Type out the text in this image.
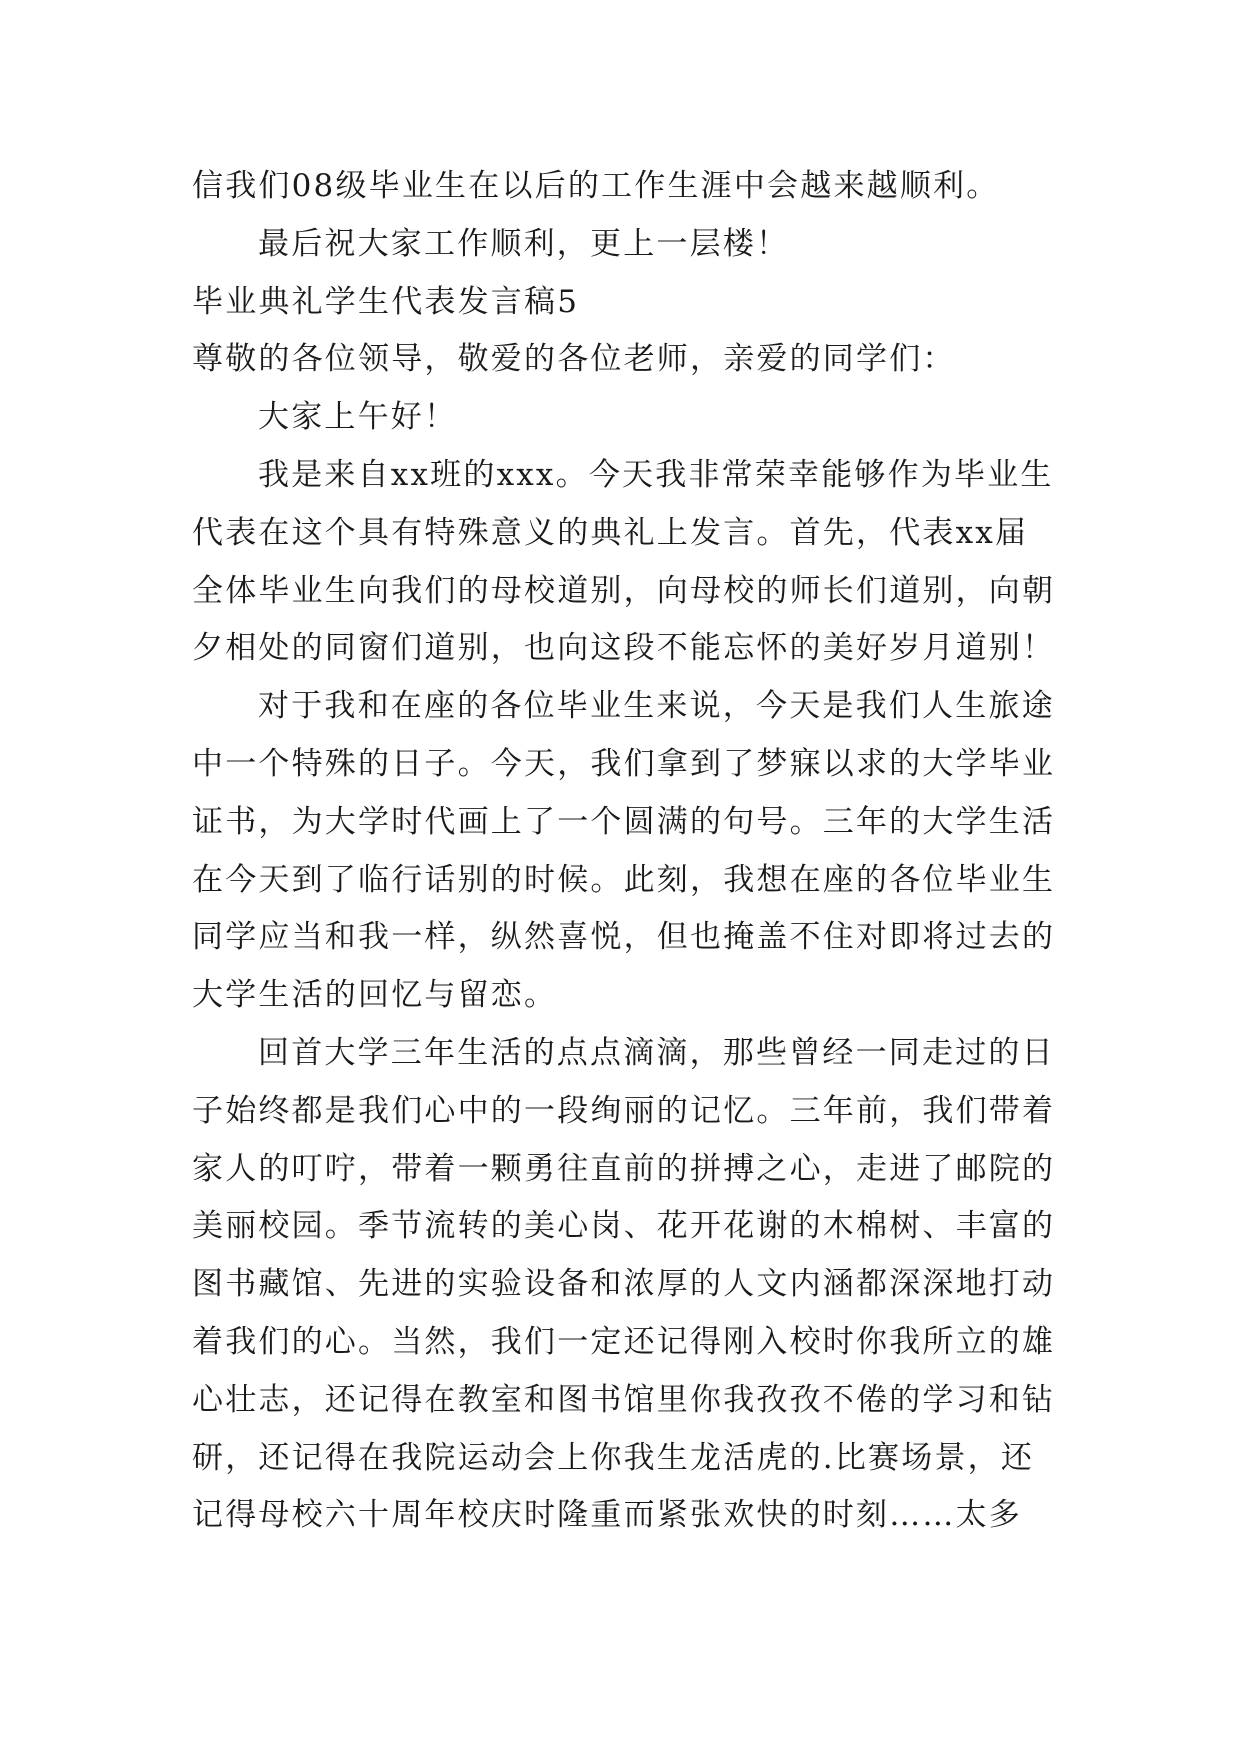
信我们08级毕业生在以后的工作生涯中会越来越顺利。

最后祝大家工作顺利，更上一层楼！

毕业典礼学生代表发言稿5

尊敬的各位领导，敬爱的各位老师，亲爱的同学们：

大家上午好！

我是来自xx班的xxx。今天我非常荣幸能够作为毕业生

代表在这个具有特殊意义的典礼上发言。首先，代表xx届

全体毕业生向我们的母校道别，向母校的师长们道别，向朝

夕相处的同窗们道别，也向这段不能忘怀的美好岁月道别！

对于我和在座的各位毕业生来说，今天是我们人生旅途

中一个特殊的日子。今天，我们拿到了梦寐以求的大学毕业

证书，为大学时代画上了一个圆满的句号。三年的大学生活

在今天到了临行话别的时候。此刻，我想在座的各位毕业生

同学应当和我一样，纵然喜悦，但也掩盖不住对即将过去的

大学生活的回忆与留恋。

回首大学三年生活的点点滴滴，那些曾经一同走过的日

子始终都是我们心中的一段绚丽的记忆。三年前，我们带着

家人的叮咛，带着一颗勇往直前的拼搏之心，走进了邮院的

美丽校园。季节流转的美心岗、花开花谢的木棉树、丰富的

图书藏馆、先进的实验设备和浓厚的人文内涵都深深地打动

着我们的心。当然，我们一定还记得刚入校时你我所立的雄

心壮志，还记得在教室和图书馆里你我孜孜不倦的学习和钻

研，还记得在我院运动会上你我生龙活虎的.比赛场景，还

记得母校六十周年校庆时隆重而紧张欢快的时刻……太多
